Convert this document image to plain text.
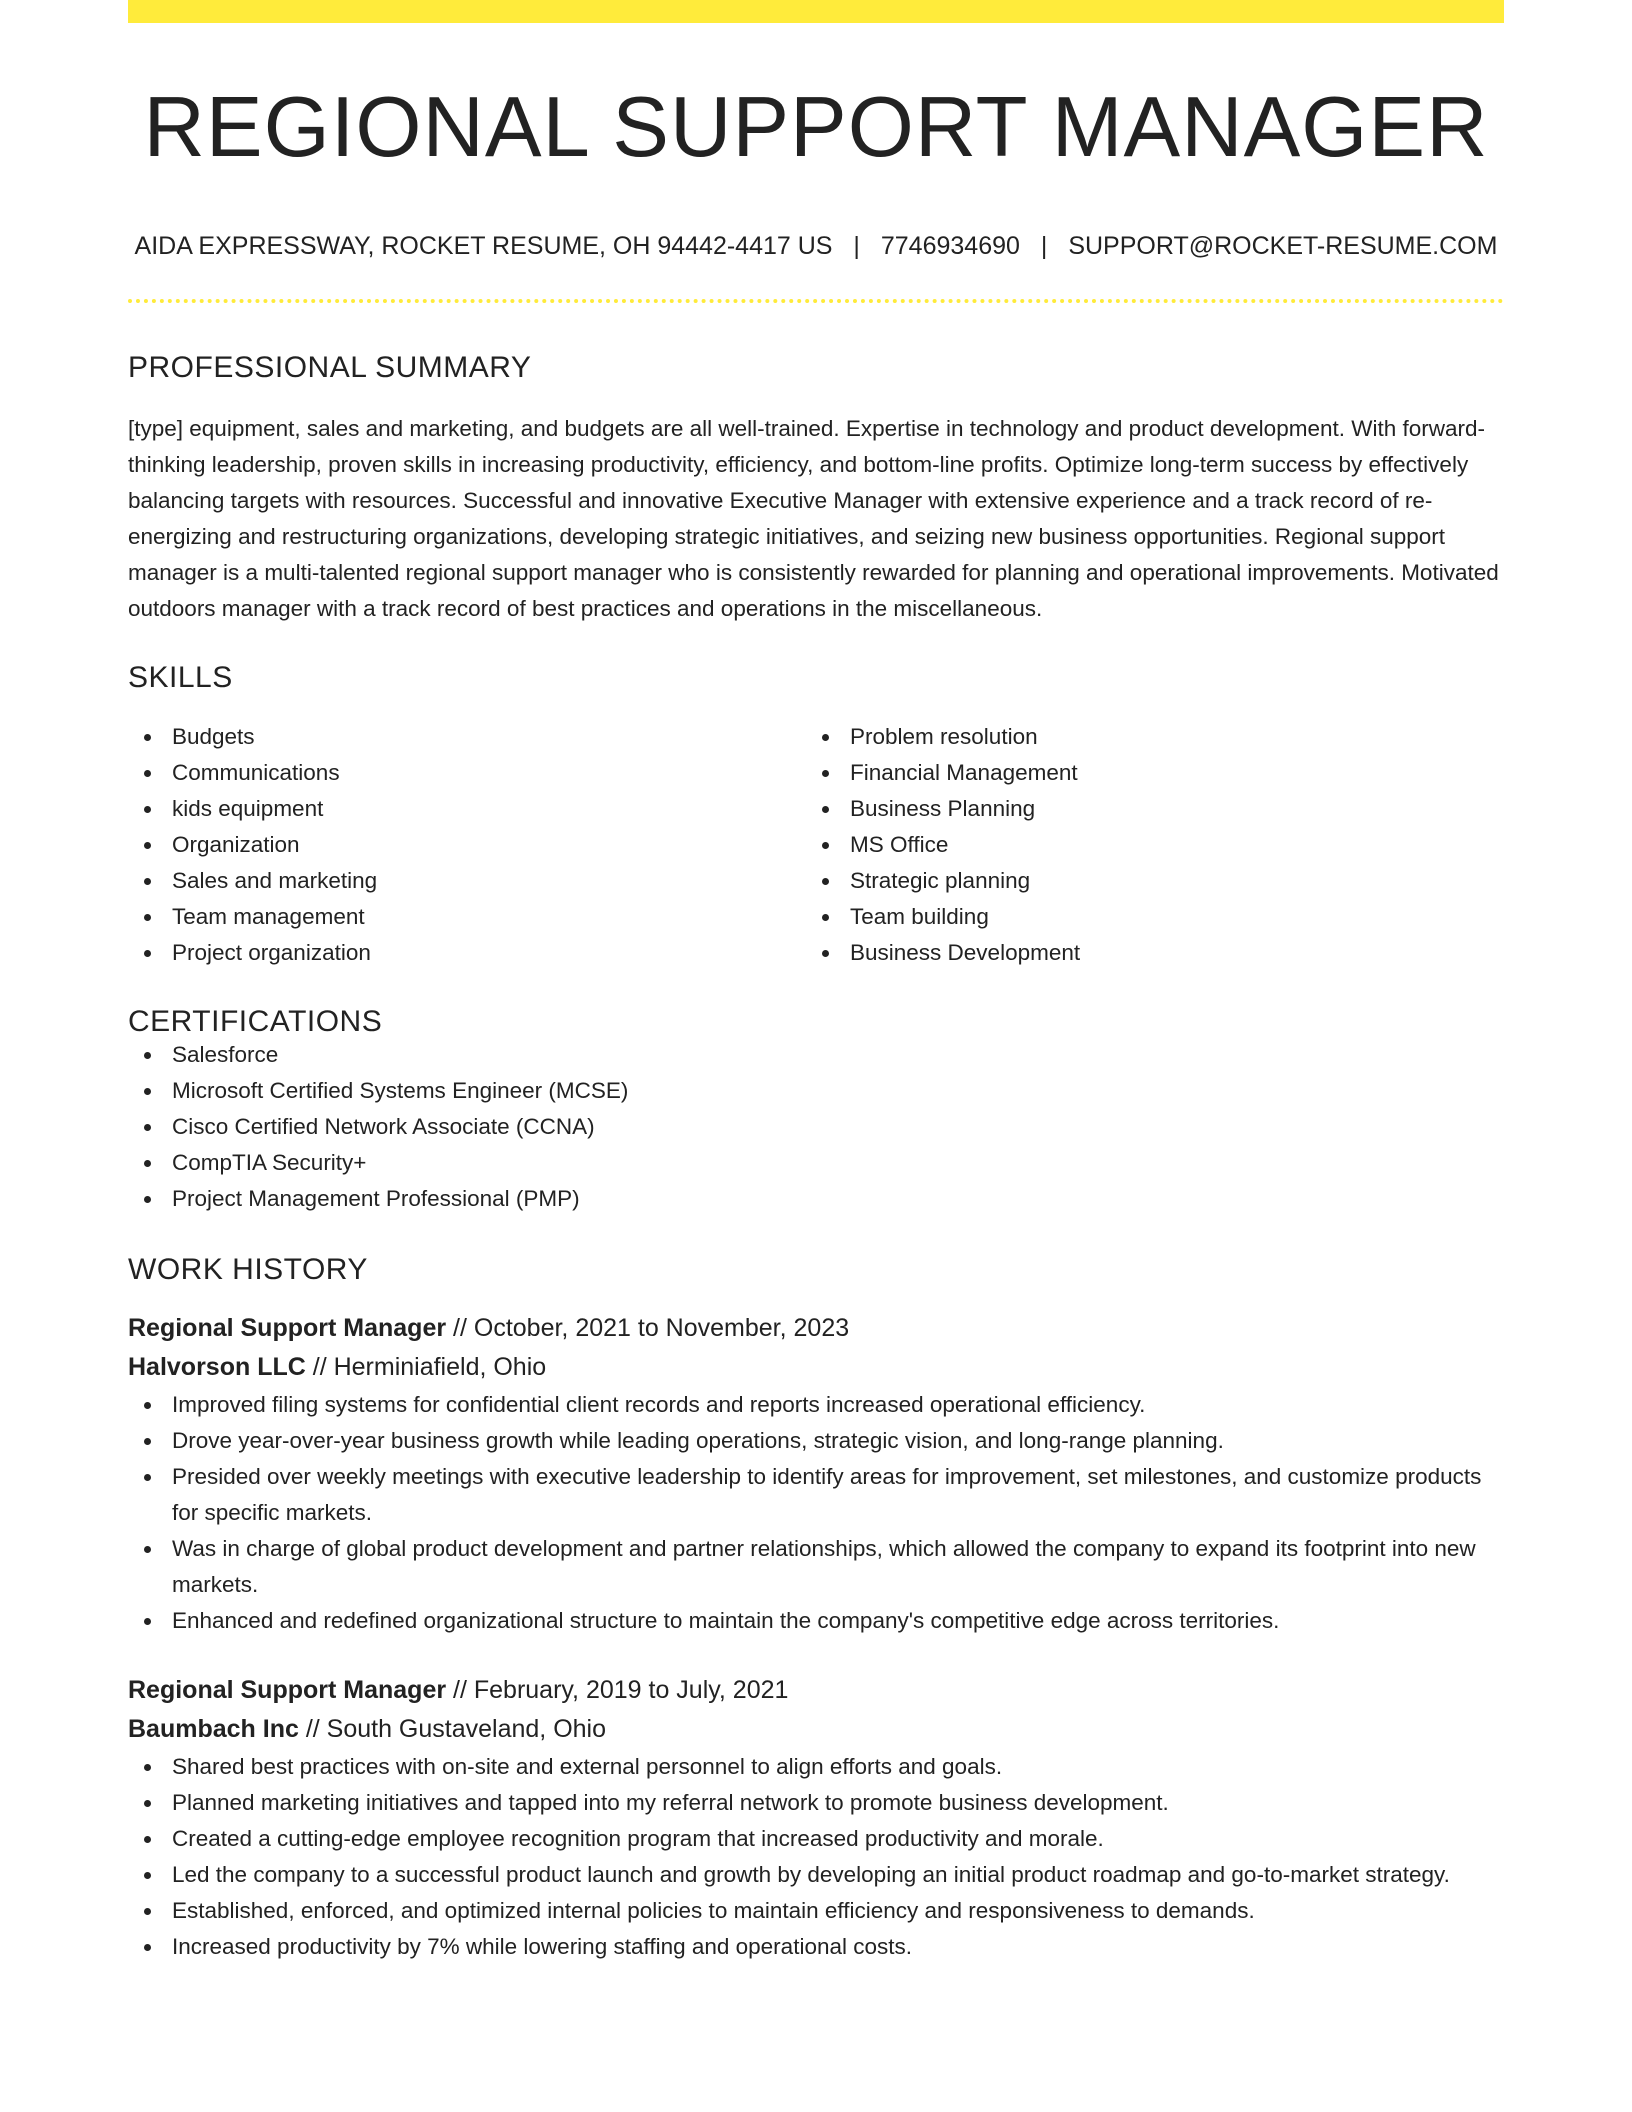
REGIONAL SUPPORT MANAGER
AIDA EXPRESSWAY, ROCKET RESUME, OH 94442-4417 US | 7746934690 | SUPPORT@ROCKET-RESUME.COM
PROFESSIONAL SUMMARY
[type] equipment, sales and marketing, and budgets are all well-trained. Expertise in technology and product development. With forward-thinking leadership, proven skills in increasing productivity, efficiency, and bottom-line profits. Optimize long-term success by effectively balancing targets with resources. Successful and innovative Executive Manager with extensive experience and a track record of re-energizing and restructuring organizations, developing strategic initiatives, and seizing new business opportunities. Regional support manager is a multi-talented regional support manager who is consistently rewarded for planning and operational improvements. Motivated outdoors manager with a track record of best practices and operations in the miscellaneous.
SKILLS
Budgets
Communications
kids equipment
Organization
Sales and marketing
Team management
Project organization
Problem resolution
Financial Management
Business Planning
MS Office
Strategic planning
Team building
Business Development
CERTIFICATIONS
Salesforce
Microsoft Certified Systems Engineer (MCSE)
Cisco Certified Network Associate (CCNA)
CompTIA Security+
Project Management Professional (PMP)
WORK HISTORY
Regional Support Manager // October, 2021 to November, 2023
Halvorson LLC // Herminiafield, Ohio
Improved filing systems for confidential client records and reports increased operational efficiency.
Drove year-over-year business growth while leading operations, strategic vision, and long-range planning.
Presided over weekly meetings with executive leadership to identify areas for improvement, set milestones, and customize products for specific markets.
Was in charge of global product development and partner relationships, which allowed the company to expand its footprint into new markets.
Enhanced and redefined organizational structure to maintain the company's competitive edge across territories.
Regional Support Manager // February, 2019 to July, 2021
Baumbach Inc // South Gustaveland, Ohio
Shared best practices with on-site and external personnel to align efforts and goals.
Planned marketing initiatives and tapped into my referral network to promote business development.
Created a cutting-edge employee recognition program that increased productivity and morale.
Led the company to a successful product launch and growth by developing an initial product roadmap and go-to-market strategy.
Established, enforced, and optimized internal policies to maintain efficiency and responsiveness to demands.
Increased productivity by 7% while lowering staffing and operational costs.
